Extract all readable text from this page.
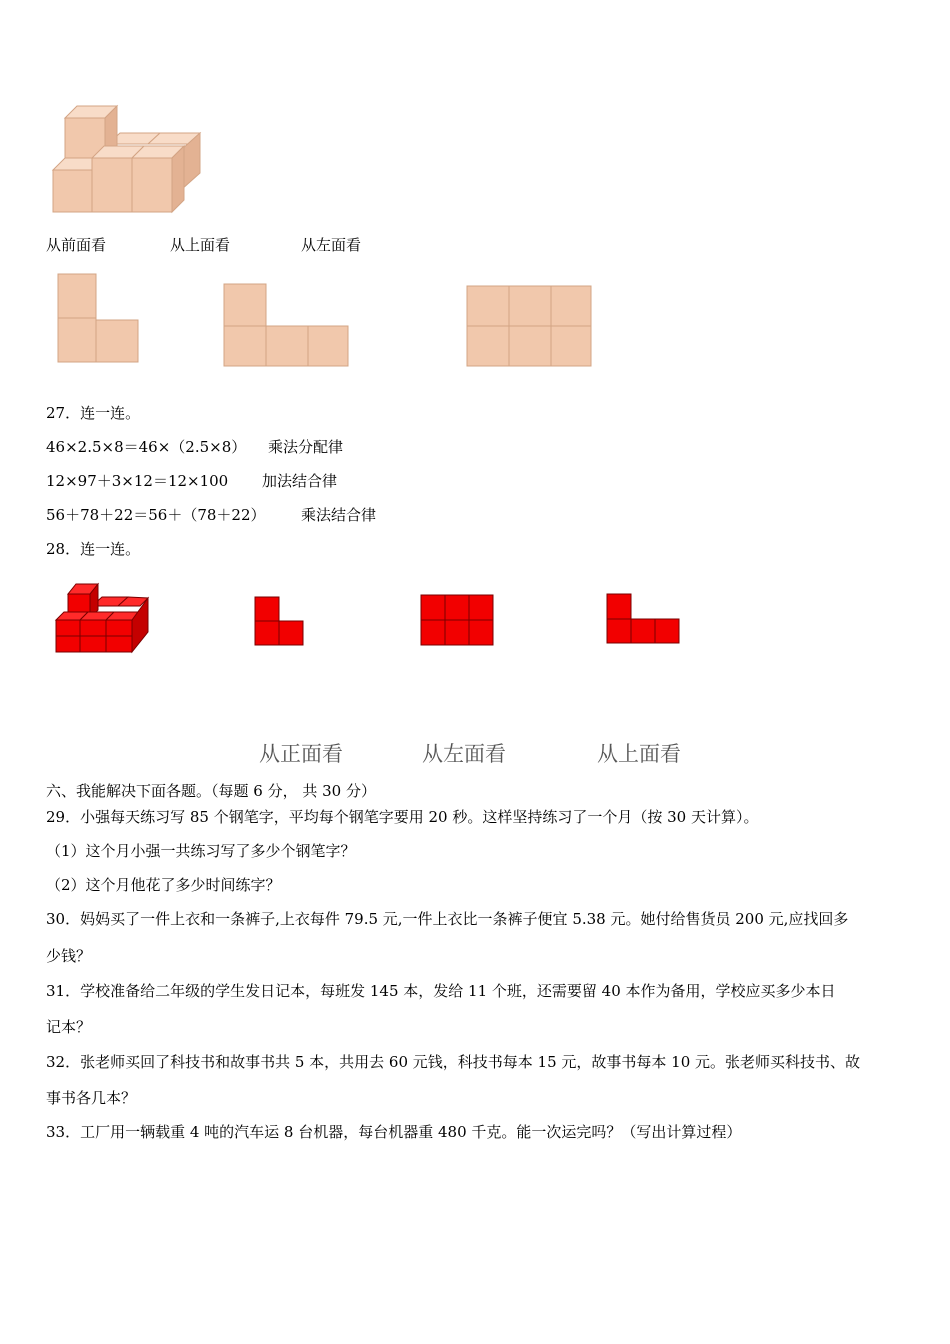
从前面看	从上面看	从左面看
27．连一连。
46×2.5×8＝46×（2.5×8） 乘法分配律
12×97＋3×12＝12×100 加法结合律
56＋78＋22＝56＋（78＋22） 乘法结合律
28．连一连。
从正面看	从左面看	从上面看
六、我能解决下面各题。（每题 6 分， 共 30 分）
29．小强每天练习写 85 个钢笔字，平均每个钢笔字要用 20 秒。这样坚持练习了一个月（按 30 天计算）。
（1）这个月小强一共练习写了多少个钢笔字？
（2）这个月他花了多少时间练字？
30．妈妈买了一件上衣和一条裤子,上衣每件 79.5 元,一件上衣比一条裤子便宜 5.38 元。她付给售货员 200 元,应找回多
少钱？
31．学校准备给二年级的学生发日记本，每班发 145 本，发给 11 个班，还需要留 40 本作为备用，学校应买多少本日
记本？
32．张老师买回了科技书和故事书共 5 本，共用去 60 元钱，科技书每本 15 元，故事书每本 10 元。张老师买科技书、故
事书各几本？
33．工厂用一辆载重 4 吨的汽车运 8 台机器，每台机器重 480 千克。能一次运完吗？（写出计算过程）
